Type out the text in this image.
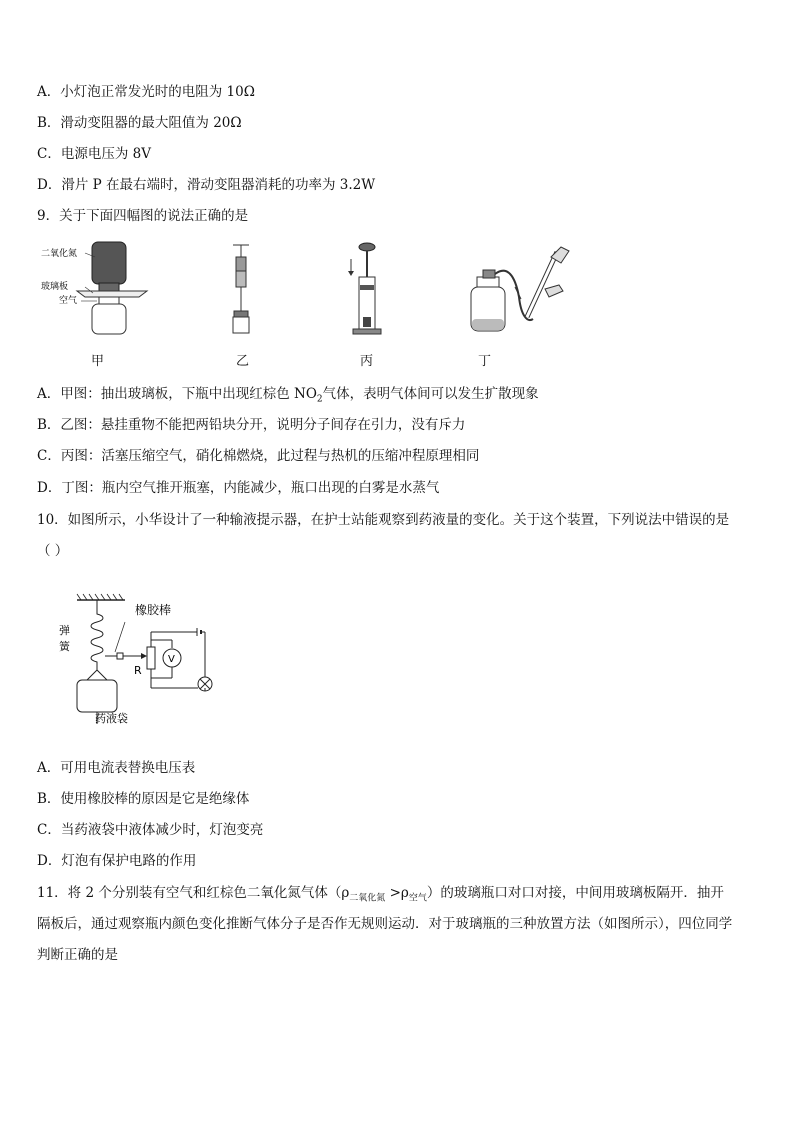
A．小灯泡正常发光时的电阻为 10Ω
B．滑动变阻器的最大阻值为 20Ω
C．电源电压为 8V
D．滑片 P 在最右端时，滑动变阻器消耗的功率为 3.2W
9．关于下面四幅图的说法正确的是
二氧化氮
玻璃板
空气
甲	乙	丙	丁
A．甲图：抽出玻璃板，下瓶中出现红棕色 $NO_2$气体，表明气体间可以发生扩散现象
B．乙图：悬挂重物不能把两铅块分开，说明分子间存在引力，没有斥力
C．丙图：活塞压缩空气，硝化棉燃烧，此过程与热机的压缩冲程原理相同
D．丁图：瓶内空气推开瓶塞，内能减少，瓶口出现的白雾是水蒸气
10．如图所示，小华设计了一种输液提示器，在护士站能观察到药液量的变化。关于这个装置，下列说法中错误的是
（ ）
V
R
橡胶棒
弹
簧
药液袋
A．可用电流表替换电压表
B．使用橡胶棒的原因是它是绝缘体
C．当药液袋中液体减少时，灯泡变亮
D．灯泡有保护电路的作用
11．将 2 个分别装有空气和红棕色二氧化氮气体$(\rho_{二氧化氮} >\rho_{空气})$的玻璃瓶口对口对接，中间用玻璃板隔开．抽开
隔板后，通过观察瓶内颜色变化推断气体分子是否作无规则运动．对于玻璃瓶的三种放置方法（如图所示），四位同学
判断正确的是
